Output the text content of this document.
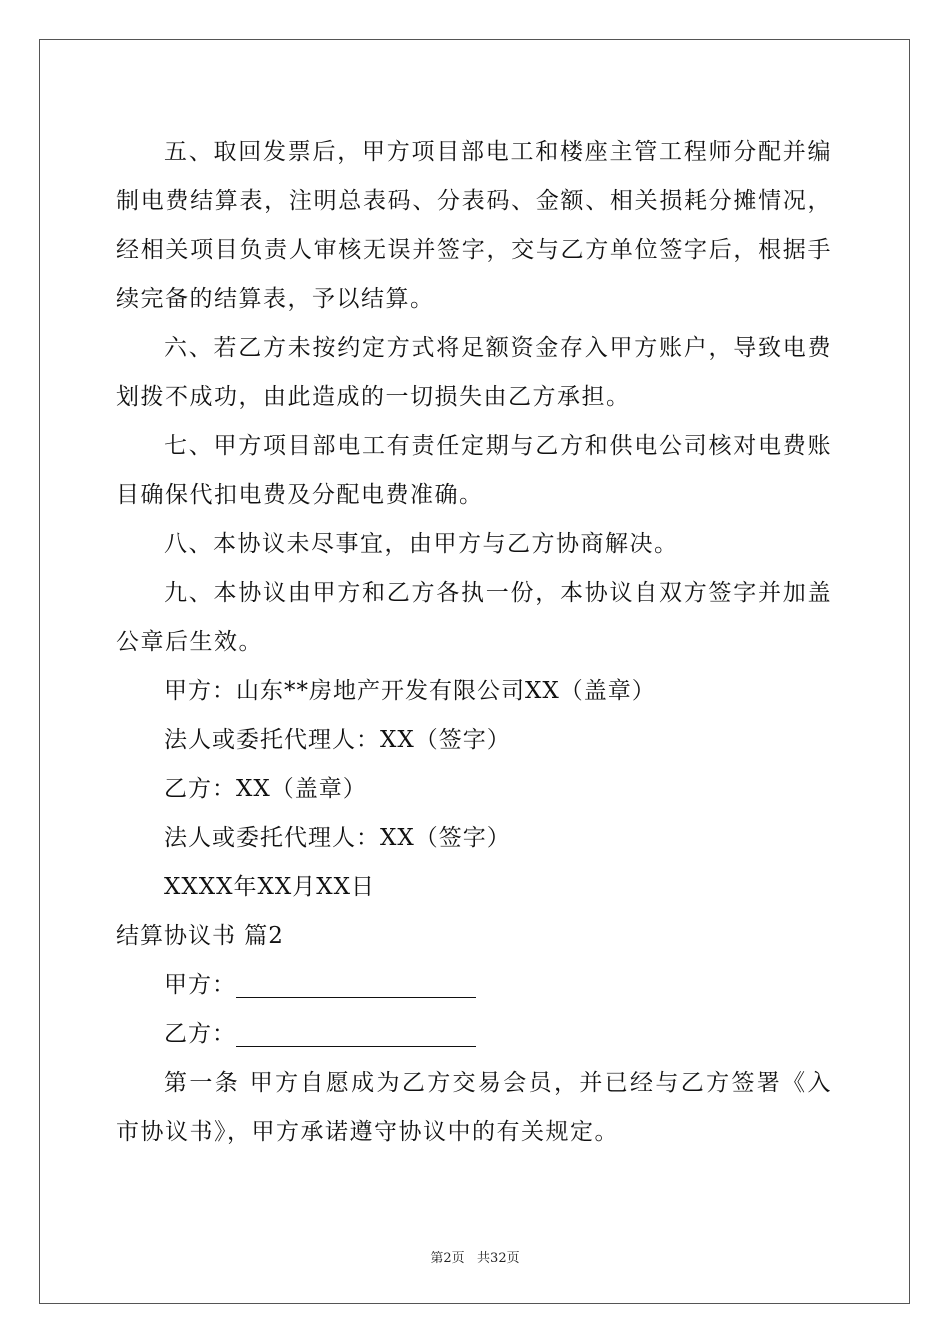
五、取回发票后，甲方项目部电工和楼座主管工程师分配并编制电费结算表，注明总表码、分表码、金额、相关损耗分摊情况，经相关项目负责人审核无误并签字，交与乙方单位签字后，根据手续完备的结算表，予以结算。

六、若乙方未按约定方式将足额资金存入甲方账户，导致电费划拨不成功，由此造成的一切损失由乙方承担。

七、甲方项目部电工有责任定期与乙方和供电公司核对电费账目确保代扣电费及分配电费准确。

八、本协议未尽事宜，由甲方与乙方协商解决。

九、本协议由甲方和乙方各执一份，本协议自双方签字并加盖公章后生效。

甲方：山东**房地产开发有限公司XX（盖章）

法人或委托代理人：XX（签字）

乙方：XX（盖章）

法人或委托代理人：XX（签字）

XXXX年XX月XX日

结算协议书 篇2

甲方：

乙方：

第一条 甲方自愿成为乙方交易会员，并已经与乙方签署《入市协议书》，甲方承诺遵守协议中的有关规定。

第2页   共32页
